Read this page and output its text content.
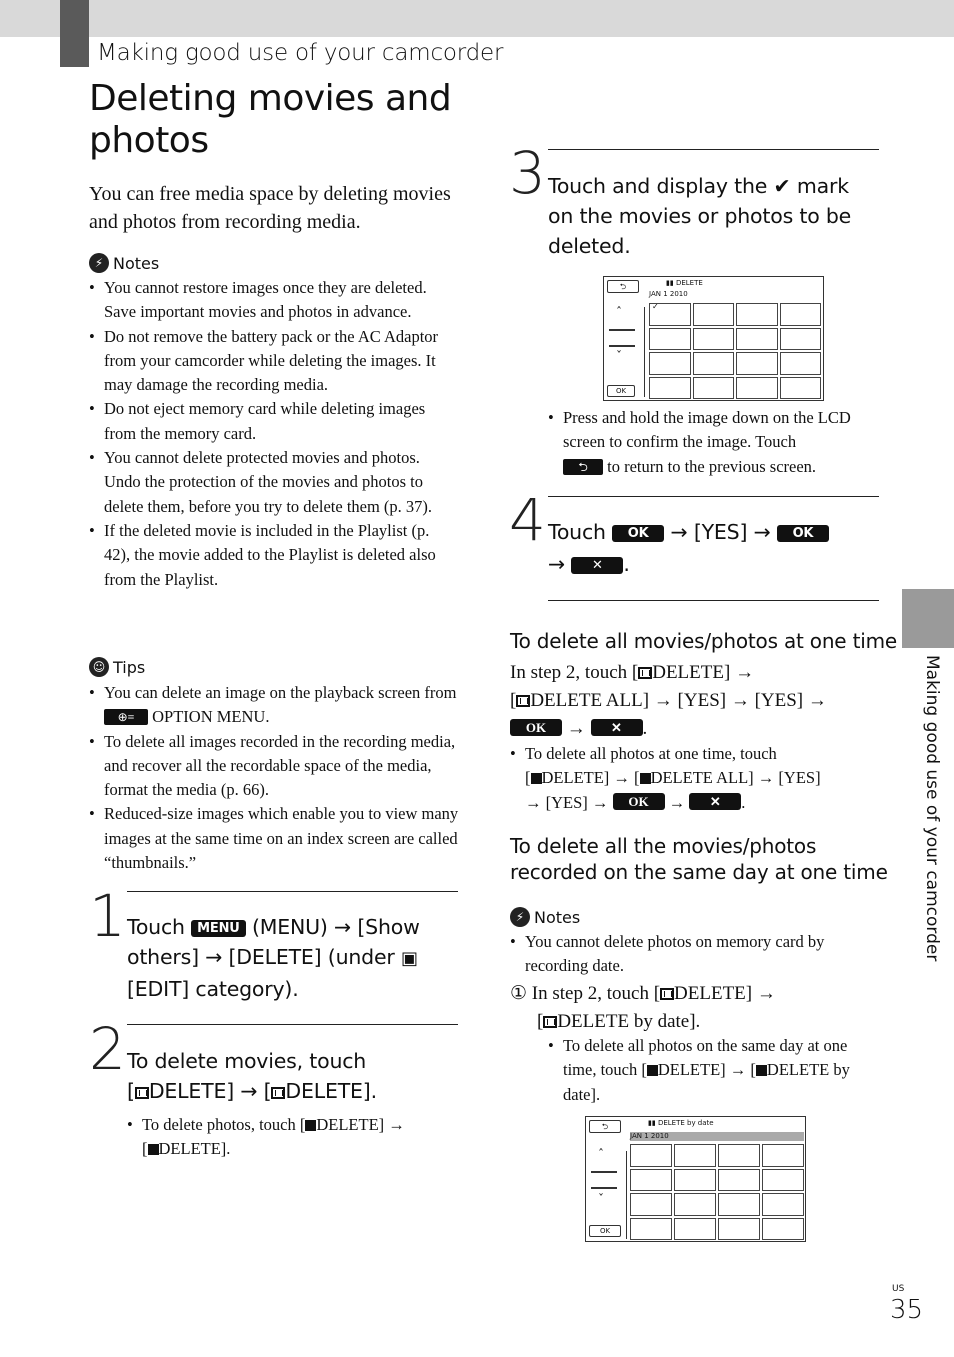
Making good use of your camcorder
Deleting movies and photos
You can free media space by deleting movies and photos from recording media.
⚡ Notes
• You cannot restore images once they are deleted. Save important movies and photos in advance.
• Do not remove the battery pack or the AC Adaptor from your camcorder while deleting the images. It may damage the recording media.
• Do not eject memory card while deleting images from the memory card.
• You cannot delete protected movies and photos. Undo the protection of the movies and photos to delete them, before you try to delete them (p. 37).
• If the deleted movie is included in the Playlist (p. 42), the movie added to the Playlist is deleted also from the Playlist.
☺ Tips
• You can delete an image on the playback screen from ⊕≡ OPTION MENU.
• To delete all images recorded in the recording media, and recover all the recordable space of the media, format the media (p. 66).
• Reduced-size images which enable you to view many images at the same time on an index screen are called “thumbnails.”
1 Touch MENU (MENU) → [Show others] → [DELETE] (under ▣ [EDIT] category).
2 To delete movies, touch
[ DELETE] → [ DELETE].
• To delete photos, touch [ DELETE] →
[ DELETE].
3 Touch and display the ✔ mark on the movies or photos to be deleted.
⮌	▮▮ DELETE
JAN 1 2010
ˆ
ˇ
OK
✓
• Press and hold the image down on the LCD screen to confirm the image. Touch
⮌ to return to the previous screen.
4 Touch OK → [YES] → OK
→ ✕ .
To delete all movies/photos at one time
In step 2, touch [ DELETE] →
[ DELETE ALL] → [YES] → [YES] →
OK → ✕ .
• To delete all photos at one time, touch
[ DELETE] → [ DELETE ALL] → [YES]
→ [YES] → OK → ✕ .
To delete all the movies/photos
recorded on the same day at one time
⚡ Notes
• You cannot delete photos on memory card by recording date.
① In step 2, touch [ DELETE] →
[ DELETE by date].
• To delete all photos on the same day at one time, touch [ DELETE] → [ DELETE by date].
⮌	▮▮ DELETE by date
JAN 1 2010
ˆ
ˇ
OK
Making good use of your camcorder
US
35
